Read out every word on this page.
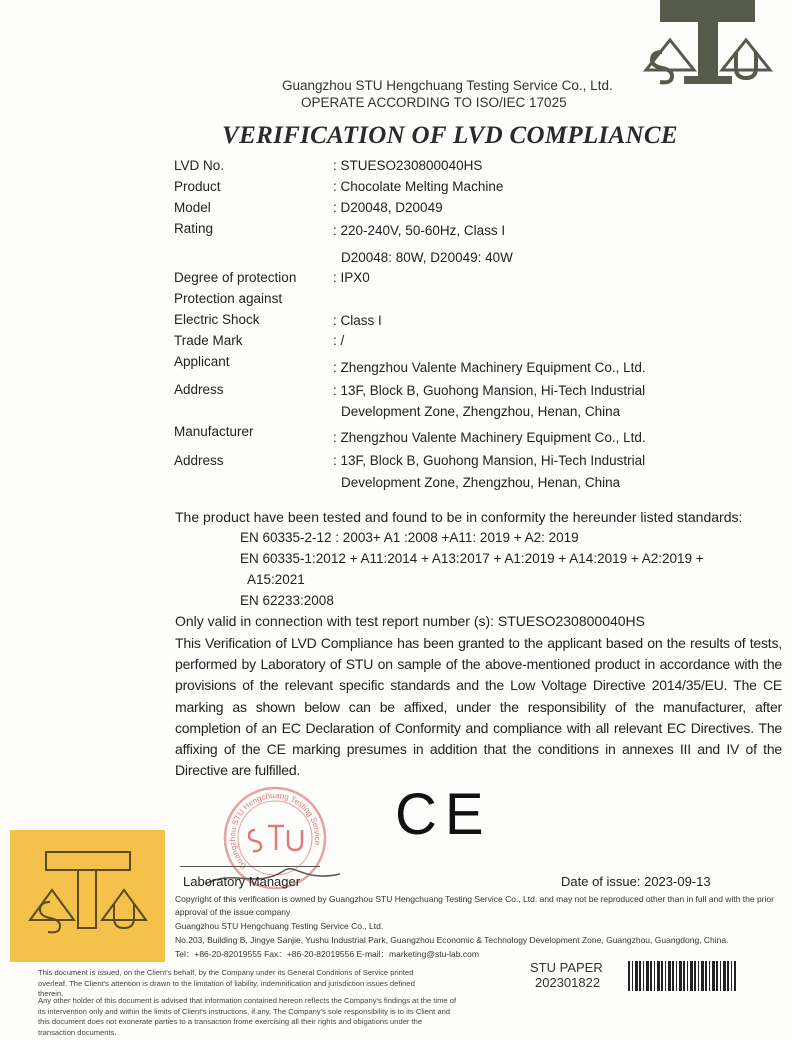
Guangzhou STU Hengchuang Testing Service Co., Ltd.
OPERATE ACCORDING TO ISO/IEC 17025
VERIFICATION OF LVD COMPLIANCE
LVD No.	: STUESO230800040HS
Product	: Chocolate Melting Machine
Model	: D20048, D20049
Rating	: 220-240V, 50-60Hz, Class I
D20048: 80W, D20049: 40W
Degree of protection	: IPX0
Protection against
Electric Shock	: Class I
Trade Mark	: /
Applicant	: Zhengzhou Valente Machinery Equipment Co., Ltd.
Address	: 13F, Block B, Guohong Mansion, Hi-Tech Industrial
Development Zone, Zhengzhou, Henan, China
Manufacturer	: Zhengzhou Valente Machinery Equipment Co., Ltd.
Address	: 13F, Block B, Guohong Mansion, Hi-Tech Industrial
Development Zone, Zhengzhou, Henan, China
The product have been tested and found to be in conformity the hereunder listed standards:
EN 60335-2-12 : 2003+ A1 :2008 +A11: 2019 + A2: 2019
EN 60335-1:2012 + A11:2014 + A13:2017 + A1:2019 + A14:2019 + A2:2019 +
A15:2021
EN 62233:2008
Only valid in connection with test report number (s): STUESO230800040HS
This Verification of LVD Compliance has been granted to the applicant based on the results of tests, performed by Laboratory of STU on sample of the above-mentioned product in accordance with the provisions of the relevant specific standards and the Low Voltage Directive 2014/35/EU. The CE marking as shown below can be affixed, under the responsibility of the manufacturer, after completion of an EC Declaration of Conformity and compliance with all relevant EC Directives. The affixing of the CE marking presumes in addition that the conditions in annexes III and IV of the Directive are fulfilled.
Guangzhou STU Hengchuang Testing Service CE
Laboratory Manager	Date of issue: 2023-09-13
Copyright of this verification is owned by Guangzhou STU Hengchuang Testing Service Co., Ltd. and may not be reproduced other than in full and with the prior
approval of the issue company
Guangzhou STU Hengchuang Testing Service Co., Ltd.
No.203, Building B, Jingye Sanjie, Yushu Industrial Park, Guangzhou Economic & Technology Development Zone, Guangzhou, Guangdong, China.
Tel：+86-20-82019555 Fax：+86-20-82019556 E-mail：marketing@stu-lab.com
STU PAPER
202301822
This document is issued, on the Client's behalf, by the Company under its General Conditions of Service printed overleaf. The Client's attention is drawn to the limitation of liability, indemnification and jurisdiction issues defined therein.
Any other holder of this document is advised that information contained hereon reflects the Company's findings at the time of its intervention only and within the limits of Client's instructions, if any. The Company's sole responsibility is to its Client and this document does not exonerate parties to a transaction frome exercising all their rights and obigations under the transaction documents.
